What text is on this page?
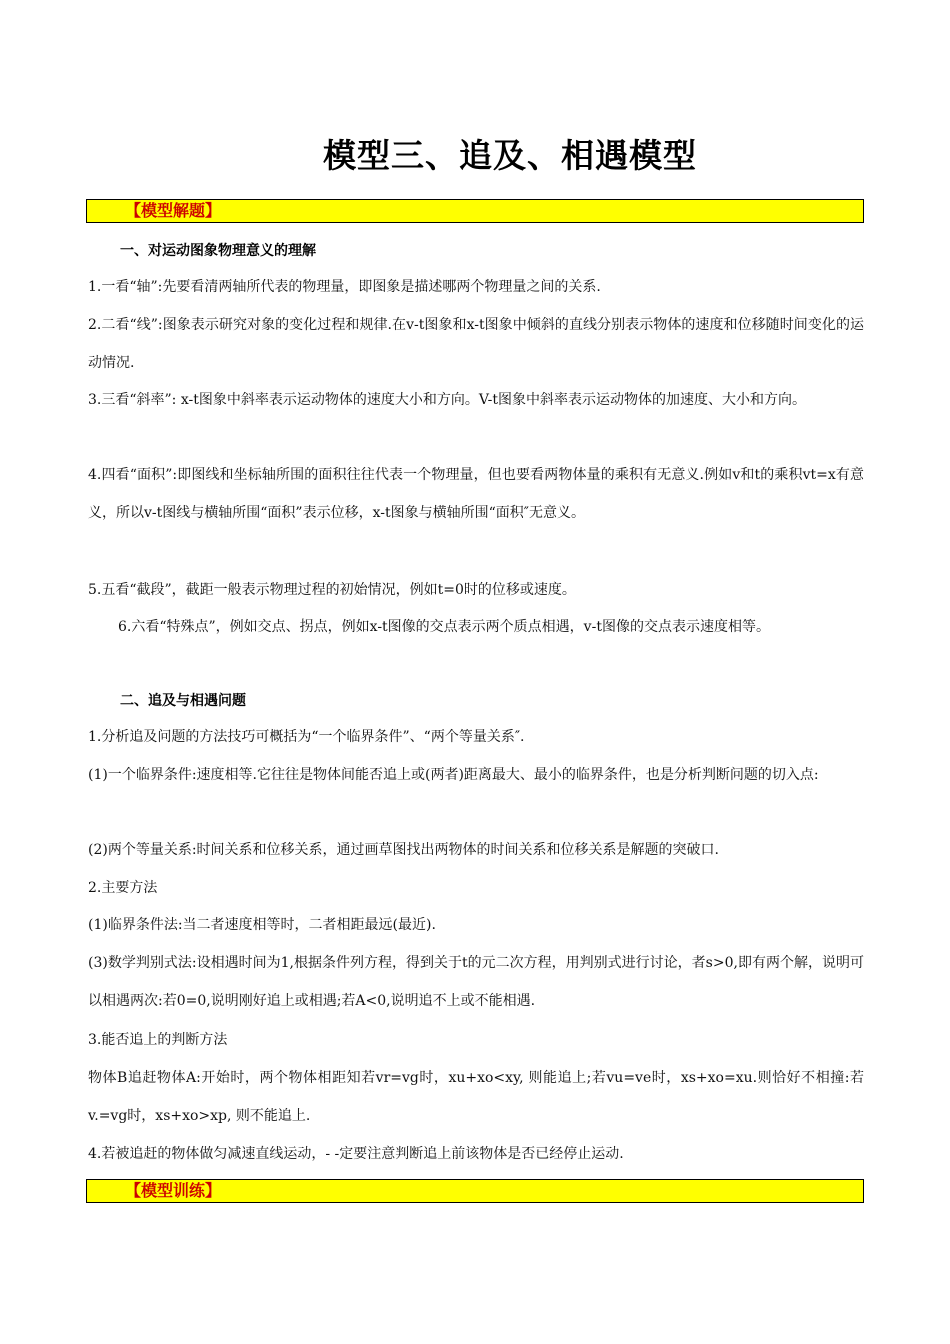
模型三、追及、相遇模型
【模型解题】
一、对运动图象物理意义的理解
1.一看“轴”:先要看清两轴所代表的物理量，即图象是描述哪两个物理量之间的关系.
2.二看“线”:图象表示研究对象的变化过程和规律.在v-t图象和x-t图象中倾斜的直线分别表示物体的速度和位移随时间变化的运动情况.
3.三看“斜率”: x-t图象中斜率表示运动物体的速度大小和方向。V-t图象中斜率表示运动物体的加速度、大小和方向。
4.四看“面积”:即图线和坐标轴所围的面积往往代表一个物理量，但也要看两物体量的乘积有无意义.例如v和t的乘积vt=x有意义，所以v-t图线与横轴所围“面积”表示位移，x-t图象与横轴所围“面积″无意义。
5.五看“截段”，截距一般表示物理过程的初始情况，例如t=0时的位移或速度。
6.六看“特殊点”，例如交点、拐点，例如x-t图像的交点表示两个质点相遇，v-t图像的交点表示速度相等。
二、追及与相遇问题
1.分析追及问题的方法技巧可概括为“一个临界条件”、“两个等量关系″.
(1)一个临界条件:速度相等.它往往是物体间能否追上或(两者)距离最大、最小的临界条件，也是分析判断问题的切入点:
(2)两个等量关系:时间关系和位移关系，通过画草图找出两物体的时间关系和位移关系是解题的突破口.
2.主要方法
(1)临界条件法:当二者速度相等时，二者相距最远(最近).
(3)数学判别式法:设相遇时间为1,根据条件列方程，得到关于t的元二次方程，用判别式进行讨论，者s>0,即有两个解，说明可以相遇两次:若0=0,说明刚好追上或相遇;若A<0,说明追不上或不能相遇.
3.能否追上的判断方法
物体B追赶物体A:开始时，两个物体相距知若vr=vg时，xu+xo<xy, 则能追上;若vu=ve时，xs+xo=xu.则恰好不相撞:若v.=vg时，xs+xo>xp, 则不能追上.
4.若被追赶的物体做匀减速直线运动，- -定要注意判断追上前该物体是否已经停止运动.
【模型训练】
